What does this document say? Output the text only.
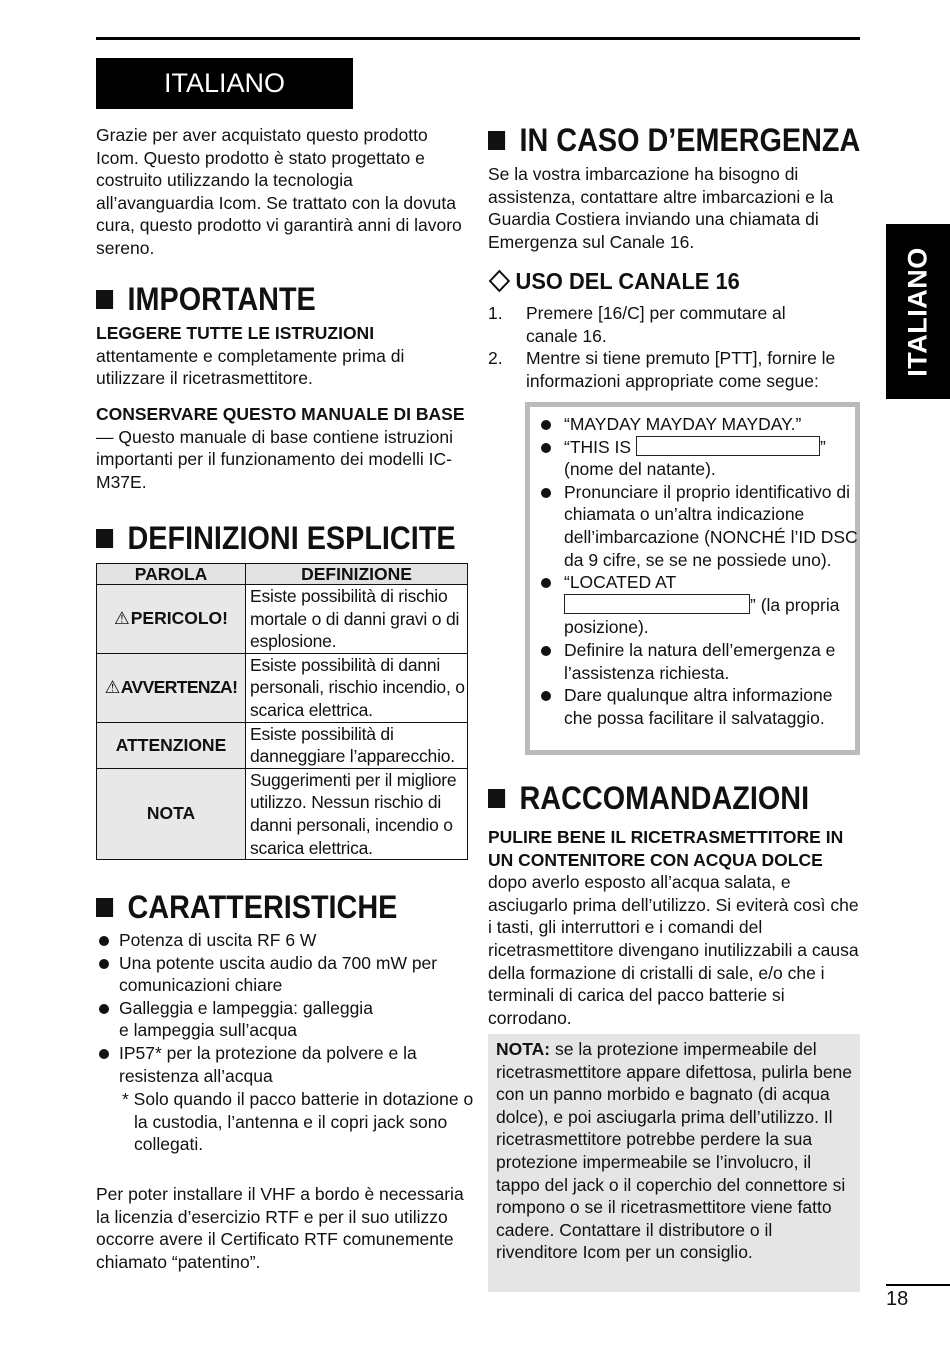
ITALIANO
ITALIANO

Grazie per aver acquistato questo prodotto Icom. Questo prodotto è stato progettato e costruito utilizzando la tecnologia all’avanguardia Icom. Se trattato con la dovuta cura, questo prodotto vi garantirà anni di lavoro sereno.

IMPORTANTE

LEGGERE TUTTE LE ISTRUZIONI
attentamente e completamente prima di utilizzare il ricetrasmettitore.

CONSERVARE QUESTO MANUALE DI BASE — Questo manuale di base contiene istruzioni importanti per il funzionamento dei modelli IC-M37E.

DEFINIZIONI ESPLICITE
PAROLA	DEFINIZIONE
⚠PERICOLO!	Esiste possibilità di rischio mortale o di danni gravi o di esplosione.
⚠AVVERTENZA!	Esiste possibilità di danni personali, rischio incendio, o scarica elettrica.
ATTENZIONE	Esiste possibilità di danneggiare l’apparecchio.
NOTA	Suggerimenti per il migliore utilizzo. Nessun rischio di danni personali, incendio o scarica elettrica.
CARATTERISTICHE
Potenza di uscita RF 6 W
Una potente uscita audio da 700 mW per comunicazioni chiare
Galleggia e lampeggia: galleggia e lampeggia sull’acqua
IP57* per la protezione da polvere e la resistenza all’acqua

* Solo quando il pacco batterie in dotazione o la custodia, l’antenna e il copri jack sono collegati.

Per poter installare il VHF a bordo è necessaria la licenzia d’esercizio RTF e per il suo utilizzo occorre avere il Certificato RTF comunemente chiamato “patentino”.

IN CASO D’EMERGENZA

Se la vostra imbarcazione ha bisogno di assistenza, contattare altre imbarcazioni e la Guardia Costiera inviando una chiamata di Emergenza sul Canale 16.

USO DEL CANALE 16
1. Premere [16/C] per commutare al canale 16.
2. Mentre si tiene premuto [PTT], fornire le informazioni appropriate come segue:
“MAYDAY MAYDAY MAYDAY.”
“THIS IS	” (nome del natante).
Pronunciare il proprio identificativo di chiamata o un’altra indicazione dell’imbarcazione (NONCHÉ l’ID DSC da 9 cifre, se se ne possiede uno).
“LOCATED AT ” (la propria posizione).
Definire la natura dell’emergenza e l’assistenza richiesta.
Dare qualunque altra informazione che possa facilitare il salvataggio.
RACCOMANDAZIONI

PULIRE BENE IL RICETRASMETTITORE IN UN CONTENITORE CON ACQUA DOLCE dopo averlo esposto all’acqua salata, e asciugarlo prima dell’utilizzo. Si eviterà così che i tasti, gli interruttori e i comandi del ricetrasmettitore divengano inutilizzabili a causa della formazione di cristalli di sale, e/o che i terminali di carica del pacco batterie si corrodano.

NOTA: se la protezione impermeabile del ricetrasmettitore appare difettosa, pulirla bene con un panno morbido e bagnato (di acqua dolce), e poi asciugarla prima dell’utilizzo. Il ricetrasmettitore potrebbe perdere la sua protezione impermeabile se l’involucro, il tappo del jack o il coperchio del connettore si rompono o se il ricetrasmettitore viene fatto cadere. Contattare il distributore o il rivenditore Icom per un consiglio.

18
